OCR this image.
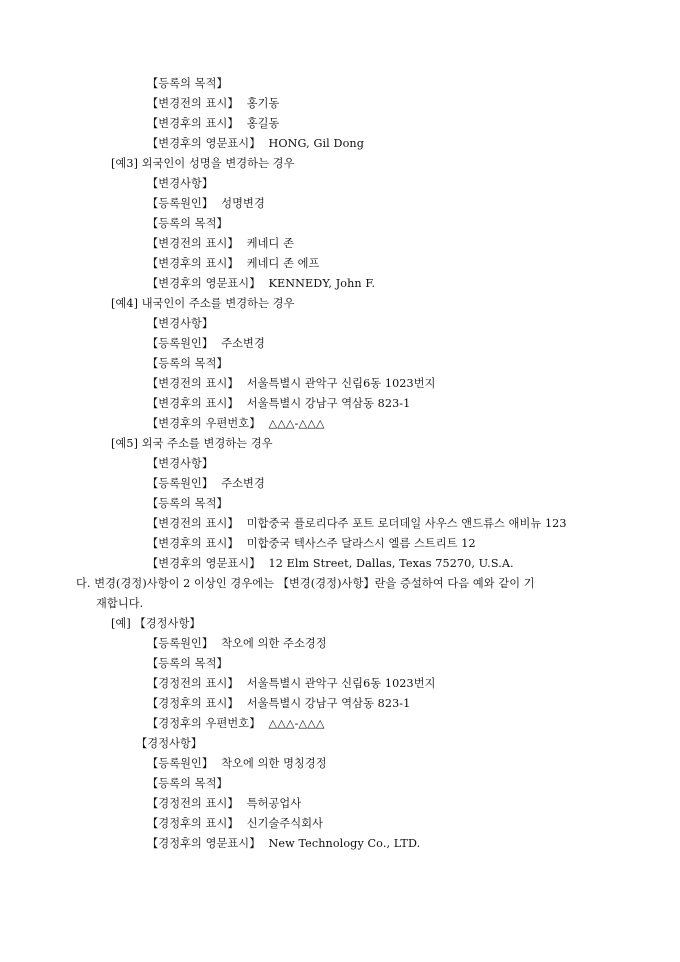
【등록의 목적】
【변경전의 표시】 홍기동
【변경후의 표시】 홍길동
【변경후의 영문표시】 HONG, Gil Dong
[예3] 외국인이 성명을 변경하는 경우
【변경사항】
【등록원인】 성명변경
【등록의 목적】
【변경전의 표시】 케네디 존
【변경후의 표시】 케네디 존 에프
【변경후의 영문표시】 KENNEDY, John F.
[예4] 내국인이 주소를 변경하는 경우
【변경사항】
【등록원인】 주소변경
【등록의 목적】
【변경전의 표시】 서울특별시 관악구 신림6동 1023번지
【변경후의 표시】 서울특별시 강남구 역삼동 823-1
【변경후의 우편번호】 △△△-△△△
[예5] 외국 주소를 변경하는 경우
【변경사항】
【등록원인】 주소변경
【등록의 목적】
【변경전의 표시】 미합중국 플로리다주 포트 로더데일 사우스 앤드류스 애비뉴 123
【변경후의 표시】 미합중국 텍사스주 달라스시 엘름 스트리트 12
【변경후의 영문표시】 12 Elm Street, Dallas, Texas 75270, U.S.A.
다. 변경(경정)사항이 2 이상인 경우에는 【변경(경정)사항】란을 증설하여 다음 예와 같이 기
재합니다.
[예] 【경정사항】
【등록원인】 착오에 의한 주소경정
【등록의 목적】
【경정전의 표시】 서울특별시 관악구 신림6동 1023번지
【경정후의 표시】 서울특별시 강남구 역삼동 823-1
【경정후의 우편번호】 △△△-△△△
【경정사항】
【등록원인】 착오에 의한 명칭경정
【등록의 목적】
【경정전의 표시】 특허공업사
【경정후의 표시】 신기술주식회사
【경정후의 영문표시】 New Technology Co., LTD.
